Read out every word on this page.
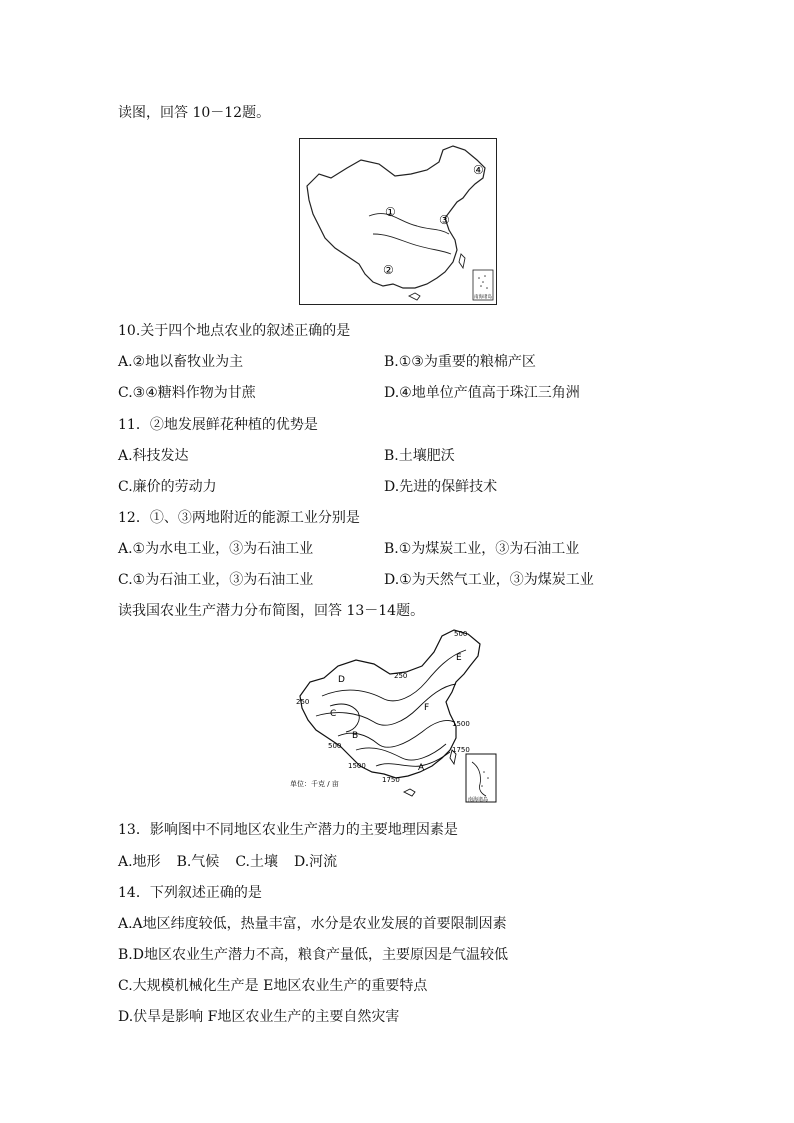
读图，回答 10－12题。
①
②
③
④
南海诸岛
10.关于四个地点农业的叙述正确的是
A.②地以畜牧业为主	B.①③为重要的粮棉产区
C.③④糖料作物为甘蔗	D.④地单位产值高于珠江三角洲
11．②地发展鲜花种植的优势是
A.科技发达	B.土壤肥沃
C.廉价的劳动力	D.先进的保鲜技术
12．①、③两地附近的能源工业分别是
A.①为水电工业，③为石油工业	B.①为煤炭工业，③为石油工业
C.①为石油工业，③为石油工业	D.①为天然气工业，③为煤炭工业
读我国农业生产潜力分布简图，回答 13－14题。
D
C
B
A
E
F
500
250
250
500
1500
1500
1750
1750
单位：千克 / 亩
南海诸岛
13．影响图中不同地区农业生产潜力的主要地理因素是
A.地形 B.气候 C.土壤 D.河流
14．下列叙述正确的是
A.A地区纬度较低，热量丰富，水分是农业发展的首要限制因素
B.D地区农业生产潜力不高，粮食产量低，主要原因是气温较低
C.大规模机械化生产是 E地区农业生产的重要特点
D.伏旱是影响 F地区农业生产的主要自然灾害
